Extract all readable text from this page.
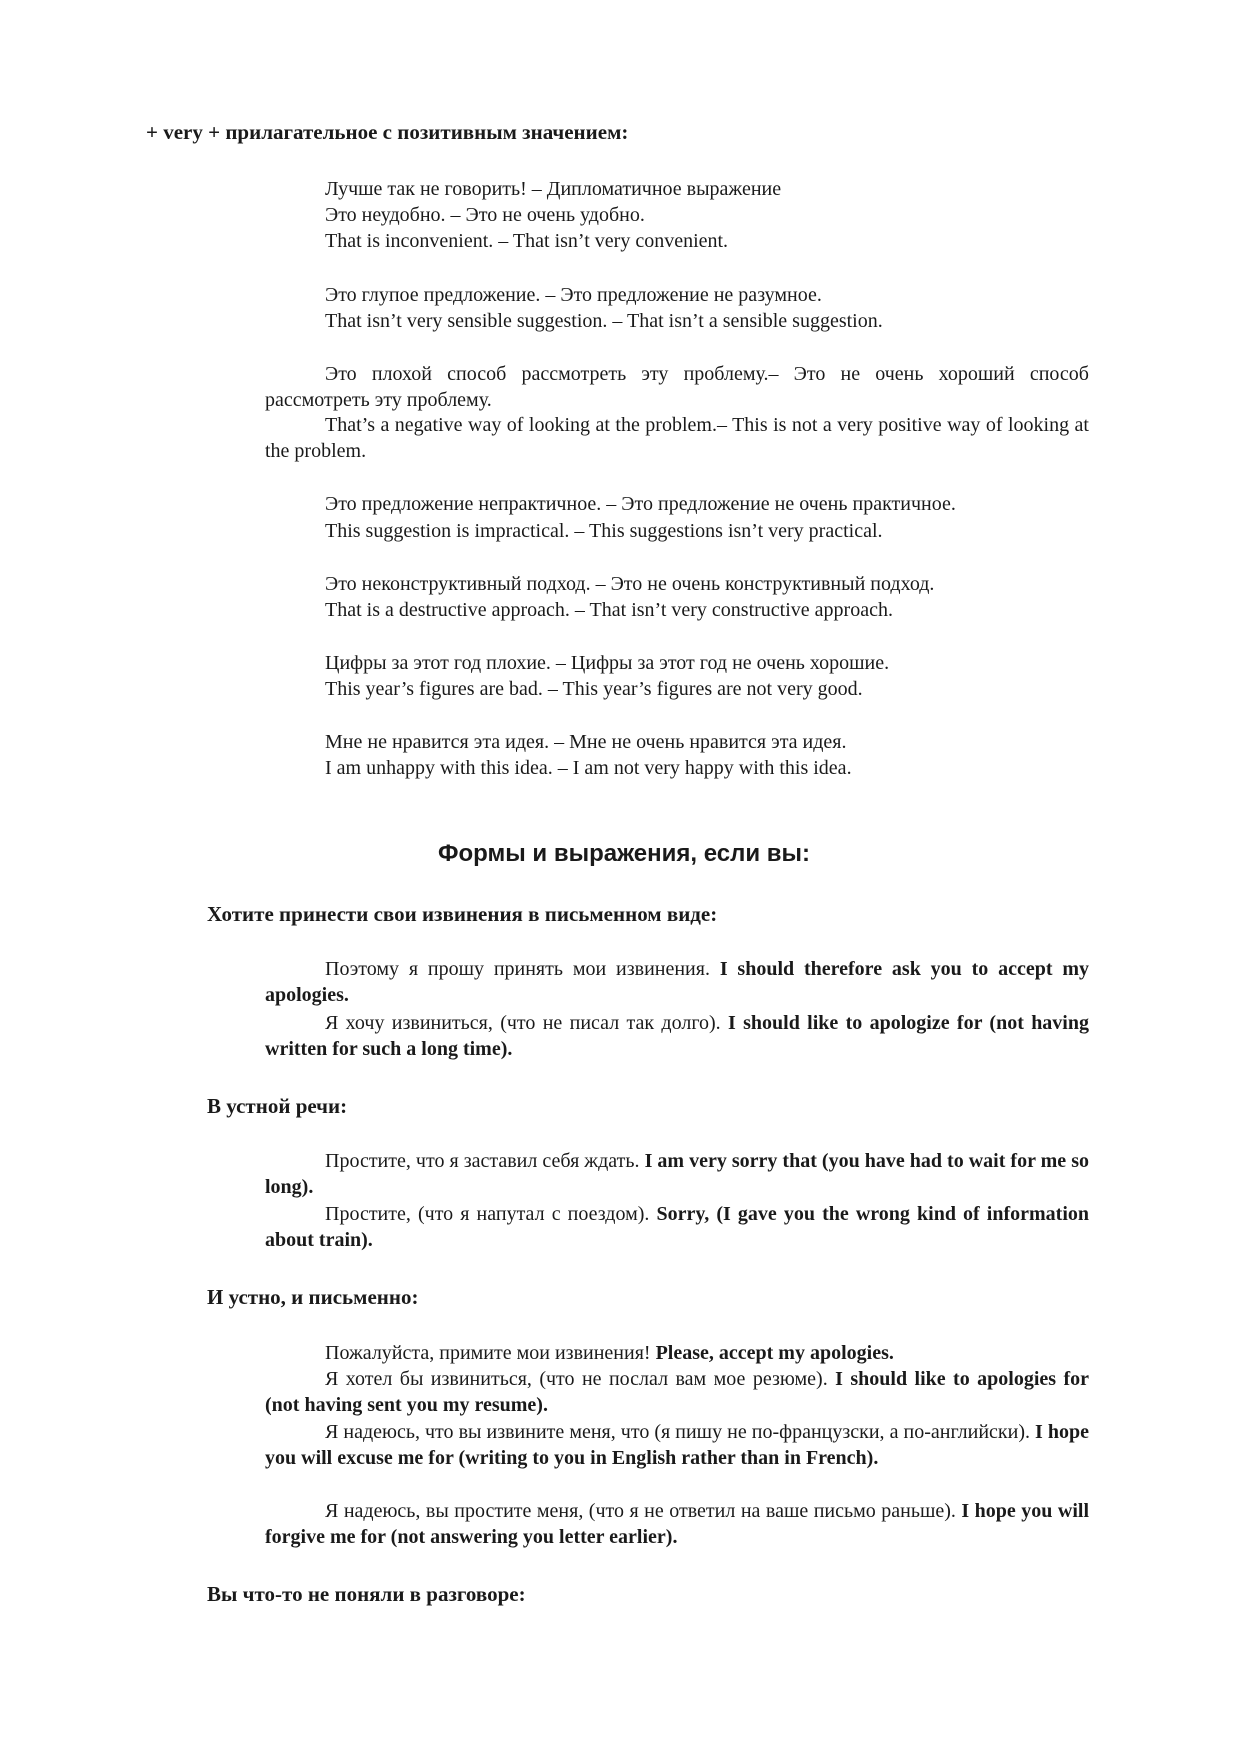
+ very + прилагательное с позитивным значением:
Лучше так не говорить! – Дипломатичное выражение
Это неудобно. – Это не очень удобно.
That is inconvenient. – That isn’t very convenient.
Это глупое предложение. – Это предложение не разумное.
That isn’t very sensible suggestion. – That isn’t a sensible suggestion.
Это плохой способ рассмотреть эту проблему.– Это не очень хороший способ рассмотреть эту проблему.
That’s a negative way of looking at the problem.– This is not a very positive way of looking at the problem.
Это предложение непрактичное. – Это предложение не очень практичное.
This suggestion is impractical. – This suggestions isn’t very practical.
Это неконструктивный подход. – Это не очень конструктивный подход.
That is a destructive approach. – That isn’t very constructive approach.
Цифры за этот год плохие. – Цифры за этот год не очень хорошие.
This year’s figures are bad. – This year’s figures are not very good.
Мне не нравится эта идея. – Мне не очень нравится эта идея.
I am unhappy with this idea. – I am not very happy with this idea.
Формы и выражения, если вы:
Хотите принести свои извинения в письменном виде:
Поэтому я прошу принять мои извинения. I should therefore ask you to accept my apologies.
Я хочу извиниться, (что не писал так долго). I should like to apologize for (not having written for such a long time).
В устной речи:
Простите, что я заставил себя ждать. I am very sorry that (you have had to wait for me so long).
Простите, (что я напутал с поездом). Sorry, (I gave you the wrong kind of information about train).
И устно, и письменно:
Пожалуйста, примите мои извинения! Please, accept my apologies.
Я хотел бы извиниться, (что не послал вам мое резюме). I should like to apologies for (not having sent you my resume).
Я надеюсь, что вы извините меня, что (я пишу не по-французски, а по-английски). I hope you will excuse me for (writing to you in English rather than in French).
Я надеюсь, вы простите меня, (что я не ответил на ваше письмо раньше). I hope you will forgive me for (not answering you letter earlier).
Вы что-то не поняли в разговоре:
